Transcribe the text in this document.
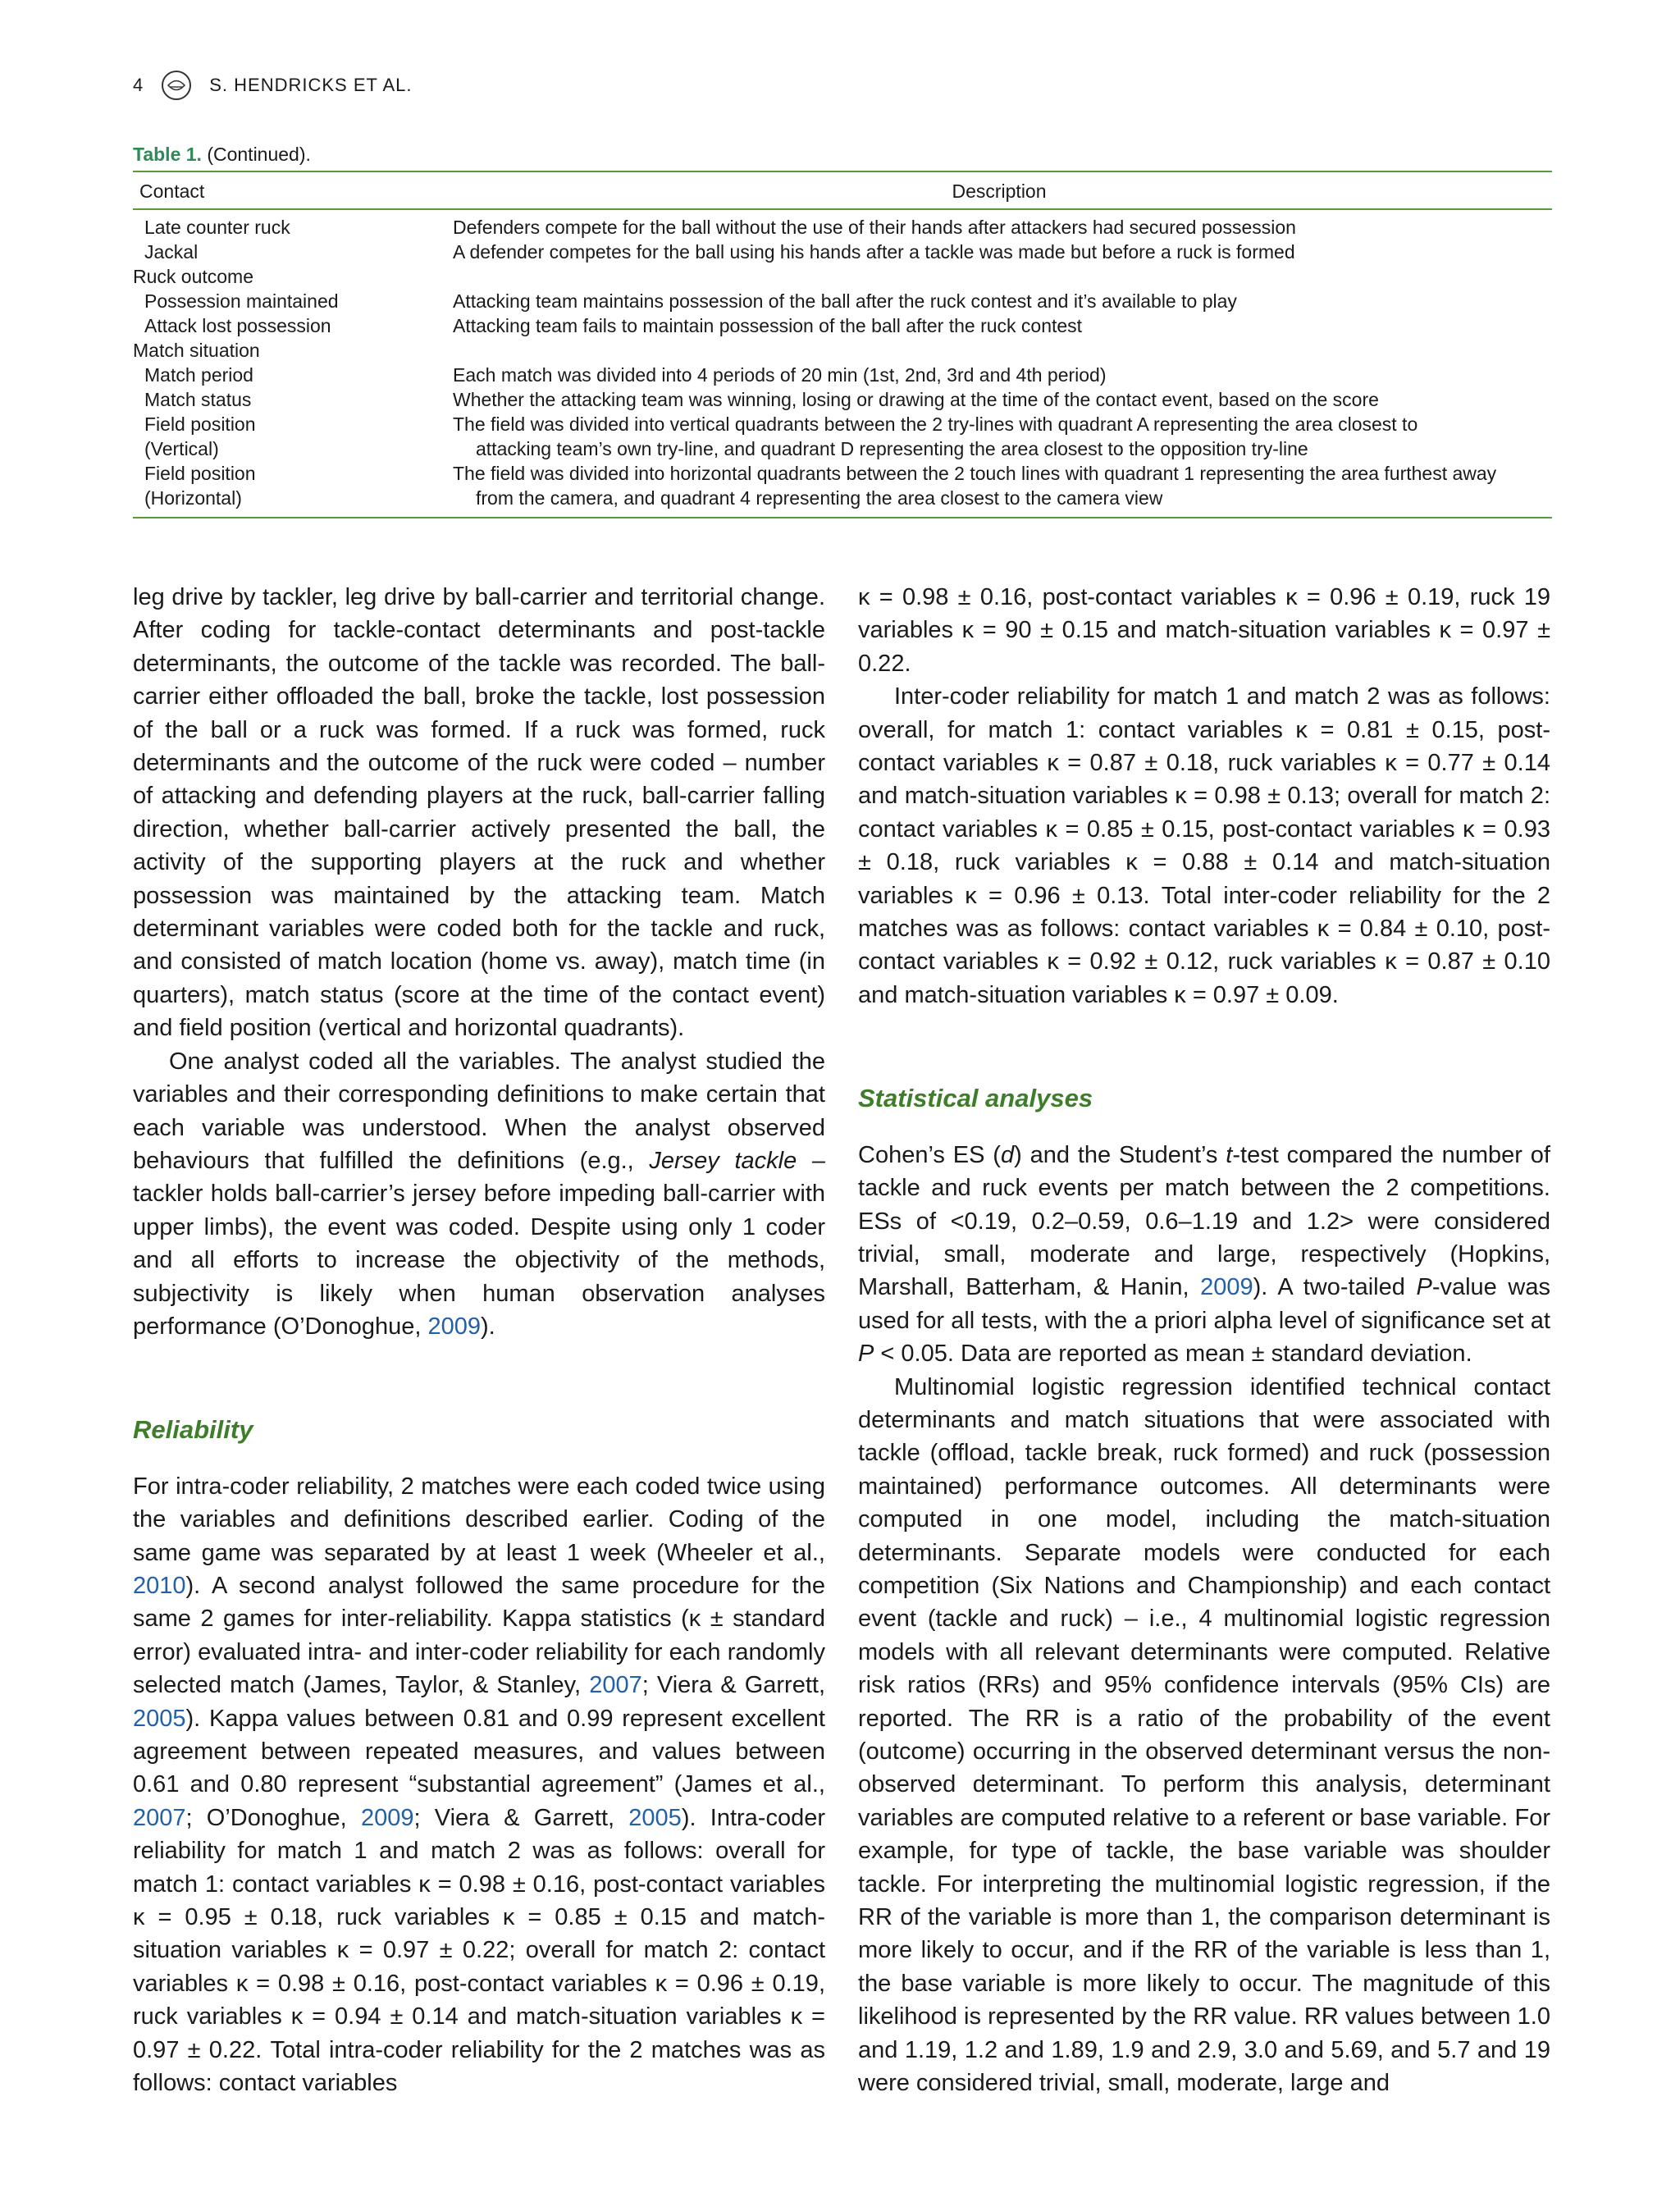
4	S. HENDRICKS ET AL.
Table 1. (Continued).
Contact	Description
Late counter ruck	Defenders compete for the ball without the use of their hands after attackers had secured possession
Jackal	A defender competes for the ball using his hands after a tackle was made but before a ruck is formed
Ruck outcome	
Possession maintained	Attacking team maintains possession of the ball after the ruck contest and it’s available to play
Attack lost possession	Attacking team fails to maintain possession of the ball after the ruck contest
Match situation	
Match period	Each match was divided into 4 periods of 20 min (1st, 2nd, 3rd and 4th period)
Match status	Whether the attacking team was winning, losing or drawing at the time of the contact event, based on the score
Field position
(Vertical)	The field was divided into vertical quadrants between the 2 try-lines with quadrant A representing the area closest to
attacking team’s own try-line, and quadrant D representing the area closest to the opposition try-line

Field position
(Horizontal)	The field was divided into horizontal quadrants between the 2 touch lines with quadrant 1 representing the area furthest away
from the camera, and quadrant 4 representing the area closest to the camera view

leg drive by tackler, leg drive by ball-carrier and territorial change. After coding for tackle-contact determinants and post-tackle determinants, the outcome of the tackle was recorded. The ball-carrier either offloaded the ball, broke the tackle, lost possession of the ball or a ruck was formed. If a ruck was formed, ruck determinants and the outcome of the ruck were coded – number of attacking and defending players at the ruck, ball-carrier falling direction, whether ball-carrier actively presented the ball, the activity of the supporting players at the ruck and whether possession was maintained by the attacking team. Match determinant variables were coded both for the tackle and ruck, and consisted of match location (home vs. away), match time (in quarters), match status (score at the time of the contact event) and field position (vertical and horizontal quadrants).

One analyst coded all the variables. The analyst studied the variables and their corresponding definitions to make certain that each variable was understood. When the analyst observed behaviours that fulfilled the definitions (e.g., Jersey tackle – tackler holds ball-carrier’s jersey before impeding ball-carrier with upper limbs), the event was coded. Despite using only 1 coder and all efforts to increase the objectivity of the methods, subjectivity is likely when human observation analyses performance (O’Donoghue, 2009).

Reliability

For intra-coder reliability, 2 matches were each coded twice using the variables and definitions described earlier. Coding of the same game was separated by at least 1 week (Wheeler et al., 2010). A second analyst followed the same procedure for the same 2 games for inter-reliability. Kappa statistics (κ ± standard error) evaluated intra- and inter-coder reliability for each randomly selected match (James, Taylor, & Stanley, 2007; Viera & Garrett, 2005). Kappa values between 0.81 and 0.99 represent excellent agreement between repeated measures, and values between 0.61 and 0.80 represent “substantial agreement” (James et al., 2007; O’Donoghue, 2009; Viera & Garrett, 2005). Intra-coder reliability for match 1 and match 2 was as follows: overall for match 1: contact variables κ = 0.98 ± 0.16, post-contact variables κ = 0.95 ± 0.18, ruck variables κ = 0.85 ± 0.15 and match-situation variables κ = 0.97 ± 0.22; overall for match 2: contact variables κ = 0.98 ± 0.16, post-contact variables κ = 0.96 ± 0.19, ruck variables κ = 0.94 ± 0.14 and match-situation variables κ = 0.97 ± 0.22. Total intra-coder reliability for the 2 matches was as follows: contact variables

κ = 0.98 ± 0.16, post-contact variables κ = 0.96 ± 0.19, ruck 19 variables κ = 90 ± 0.15 and match-situation variables κ = 0.97 ± 0.22.

Inter-coder reliability for match 1 and match 2 was as follows: overall, for match 1: contact variables κ = 0.81 ± 0.15, post-contact variables κ = 0.87 ± 0.18, ruck variables κ = 0.77 ± 0.14 and match-situation variables κ = 0.98 ± 0.13; overall for match 2: contact variables κ = 0.85 ± 0.15, post-contact variables κ = 0.93 ± 0.18, ruck variables κ = 0.88 ± 0.14 and match-situation variables κ = 0.96 ± 0.13. Total inter-coder reliability for the 2 matches was as follows: contact variables κ = 0.84 ± 0.10, post-contact variables κ = 0.92 ± 0.12, ruck variables κ = 0.87 ± 0.10 and match-situation variables κ = 0.97 ± 0.09.

Statistical analyses

Cohen’s ES (d) and the Student’s t-test compared the number of tackle and ruck events per match between the 2 competitions. ESs of <0.19, 0.2–0.59, 0.6–1.19 and 1.2> were considered trivial, small, moderate and large, respectively (Hopkins, Marshall, Batterham, & Hanin, 2009). A two-tailed P-value was used for all tests, with the a priori alpha level of significance set at P < 0.05. Data are reported as mean ± standard deviation.

Multinomial logistic regression identified technical contact determinants and match situations that were associated with tackle (offload, tackle break, ruck formed) and ruck (possession maintained) performance outcomes. All determinants were computed in one model, including the match-situation determinants. Separate models were conducted for each competition (Six Nations and Championship) and each contact event (tackle and ruck) – i.e., 4 multinomial logistic regression models with all relevant determinants were computed. Relative risk ratios (RRs) and 95% confidence intervals (95% CIs) are reported. The RR is a ratio of the probability of the event (outcome) occurring in the observed determinant versus the non-observed determinant. To perform this analysis, determinant variables are computed relative to a referent or base variable. For example, for type of tackle, the base variable was shoulder tackle. For interpreting the multinomial logistic regression, if the RR of the variable is more than 1, the comparison determinant is more likely to occur, and if the RR of the variable is less than 1, the base variable is more likely to occur. The magnitude of this likelihood is represented by the RR value. RR values between 1.0 and 1.19, 1.2 and 1.89, 1.9 and 2.9, 3.0 and 5.69, and 5.7 and 19 were considered trivial, small, moderate, large and
